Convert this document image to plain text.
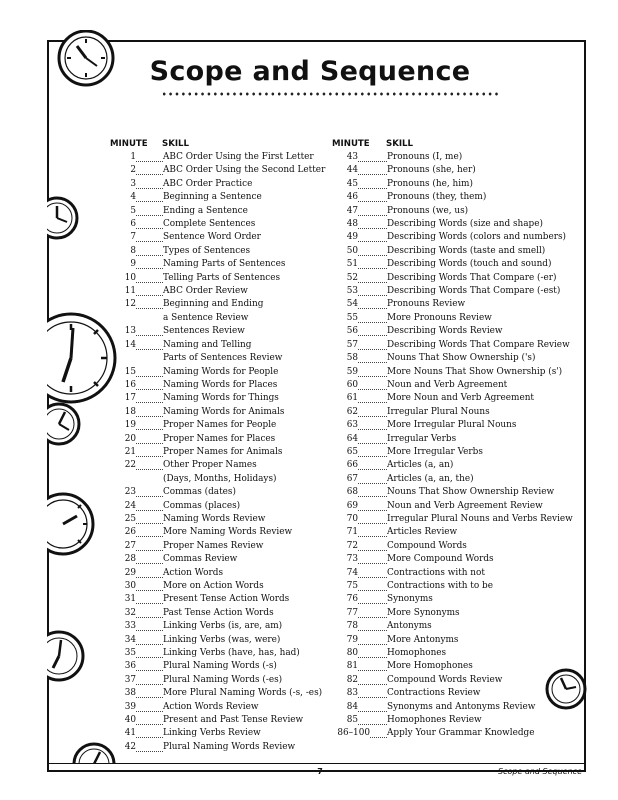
Scope and Sequence
MINUTE SKILL
1	ABC Order Using the First Letter
2	ABC Order Using the Second Letter
3	ABC Order Practice
4	Beginning a Sentence
5	Ending a Sentence
6	Complete Sentences
7	Sentence Word Order
8	Types of Sentences
9	Naming Parts of Sentences
10	Telling Parts of Sentences
11	ABC Order Review
12	Beginning and Ending
a Sentence Review
13	Sentences Review
14	Naming and Telling
Parts of Sentences Review
15	Naming Words for People
16	Naming Words for Places
17	Naming Words for Things
18	Naming Words for Animals
19	Proper Names for People
20	Proper Names for Places
21	Proper Names for Animals
22	Other Proper Names
(Days, Months, Holidays)
23	Commas (dates)
24	Commas (places)
25	Naming Words Review
26	More Naming Words Review
27	Proper Names Review
28	Commas Review
29	Action Words
30	More on Action Words
31	Present Tense Action Words
32	Past Tense Action Words
33	Linking Verbs (is, are, am)
34	Linking Verbs (was, were)
35	Linking Verbs (have, has, had)
36	Plural Naming Words (-s)
37	Plural Naming Words (-es)
38	More Plural Naming Words (-s, -es)
39	Action Words Review
40	Present and Past Tense Review
41	Linking Verbs Review
42	Plural Naming Words Review
MINUTE SKILL
43	Pronouns (I, me)
44	Pronouns (she, her)
45	Pronouns (he, him)
46	Pronouns (they, them)
47	Pronouns (we, us)
48	Describing Words (size and shape)
49	Describing Words (colors and numbers)
50	Describing Words (taste and smell)
51	Describing Words (touch and sound)
52	Describing Words That Compare (-er)
53	Describing Words That Compare (-est)
54	Pronouns Review
55	More Pronouns Review
56	Describing Words Review
57	Describing Words That Compare Review
58	Nouns That Show Ownership ('s)
59	More Nouns That Show Ownership (s')
60	Noun and Verb Agreement
61	More Noun and Verb Agreement
62	Irregular Plural Nouns
63	More Irregular Plural Nouns
64	Irregular Verbs
65	More Irregular Verbs
66	Articles (a, an)
67	Articles (a, an, the)
68	Nouns That Show Ownership Review
69	Noun and Verb Agreement Review
70	Irregular Plural Nouns and Verbs Review
71	Articles Review
72	Compound Words
73	More Compound Words
74	Contractions with not
75	Contractions with to be
76	Synonyms
77	More Synonyms
78	Antonyms
79	More Antonyms
80	Homophones
81	More Homophones
82	Compound Words Review
83	Contractions Review
84	Synonyms and Antonyms Review
85	Homophones Review
86–100 Apply Your Grammar Knowledge
7	Scope and Sequence
